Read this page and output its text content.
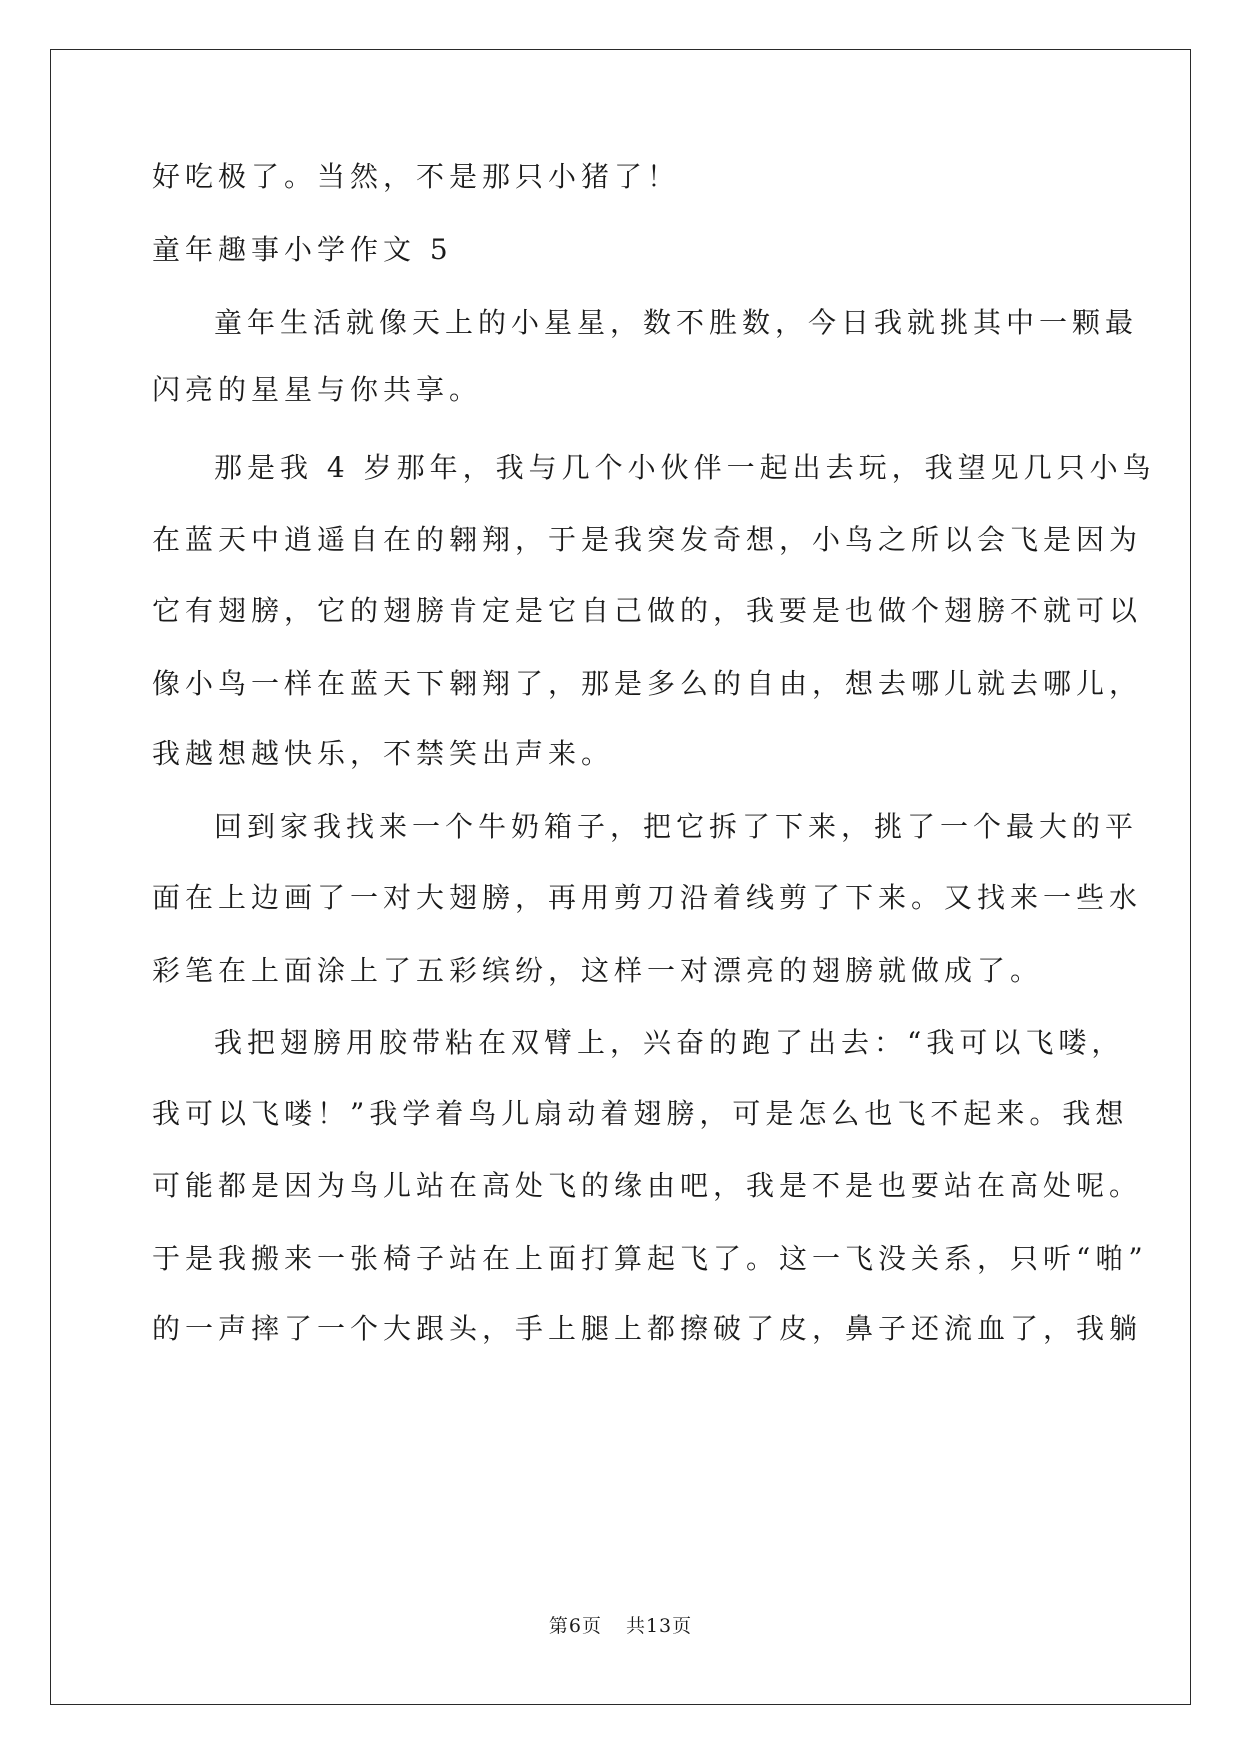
好吃极了。当然，不是那只小猪了！
童年趣事小学作文 5
童年生活就像天上的小星星，数不胜数，今日我就挑其中一颗最
闪亮的星星与你共享。
那是我 4 岁那年，我与几个小伙伴一起出去玩，我望见几只小鸟
在蓝天中逍遥自在的翱翔，于是我突发奇想，小鸟之所以会飞是因为
它有翅膀，它的翅膀肯定是它自己做的，我要是也做个翅膀不就可以
像小鸟一样在蓝天下翱翔了，那是多么的自由，想去哪儿就去哪儿，
我越想越快乐，不禁笑出声来。
回到家我找来一个牛奶箱子，把它拆了下来，挑了一个最大的平
面在上边画了一对大翅膀，再用剪刀沿着线剪了下来。又找来一些水
彩笔在上面涂上了五彩缤纷，这样一对漂亮的翅膀就做成了。
我把翅膀用胶带粘在双臂上，兴奋的跑了出去：“我可以飞喽，
我可以飞喽！”我学着鸟儿扇动着翅膀，可是怎么也飞不起来。我想
可能都是因为鸟儿站在高处飞的缘由吧，我是不是也要站在高处呢。
于是我搬来一张椅子站在上面打算起飞了。这一飞没关系，只听“啪”
的一声摔了一个大跟头，手上腿上都擦破了皮，鼻子还流血了，我躺
第6页 共13页
